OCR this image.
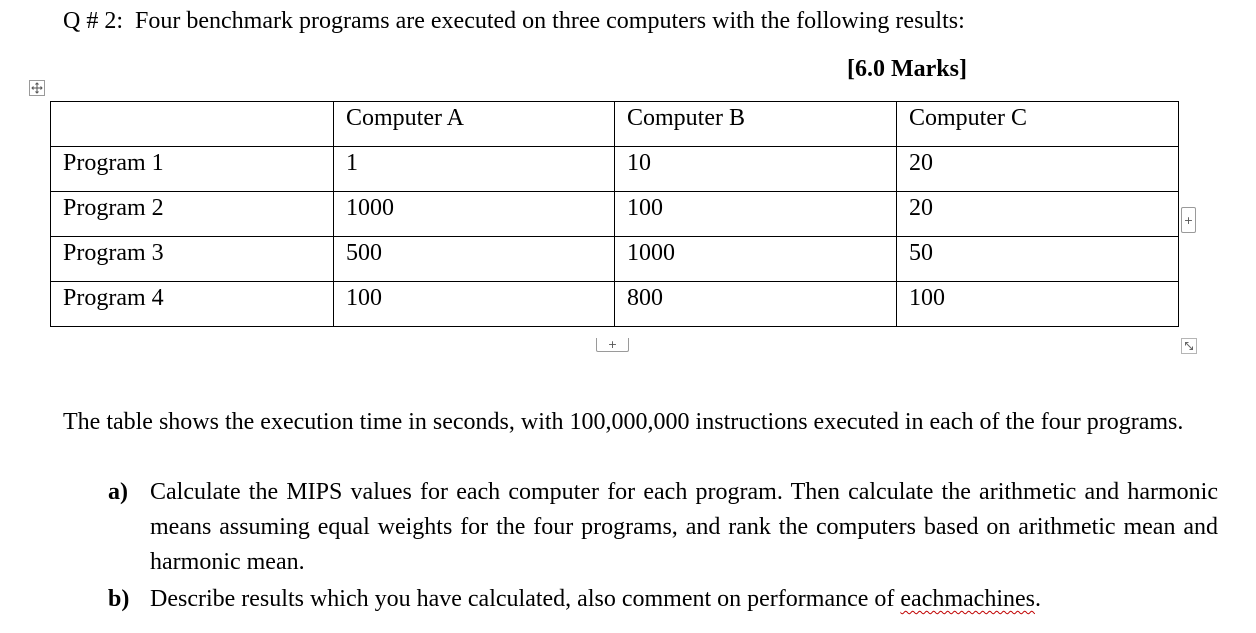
Q # 2: Four benchmark programs are executed on three computers with the following results:
[6.0 Marks]
	Computer A	Computer B	Computer C
Program 1	1	10	20
Program 2	1000	100	20
Program 3	500	1000	50
Program 4	100	800	100
+
+
The table shows the execution time in seconds, with 100,000,000 instructions executed in each of the four programs.
a) Calculate the MIPS values for each computer for each program. Then calculate the arithmetic and harmonic means assuming equal weights for the four programs, and rank the computers based on arithmetic mean and harmonic mean.
b) Describe results which you have calculated, also comment on performance of eachmachines.
